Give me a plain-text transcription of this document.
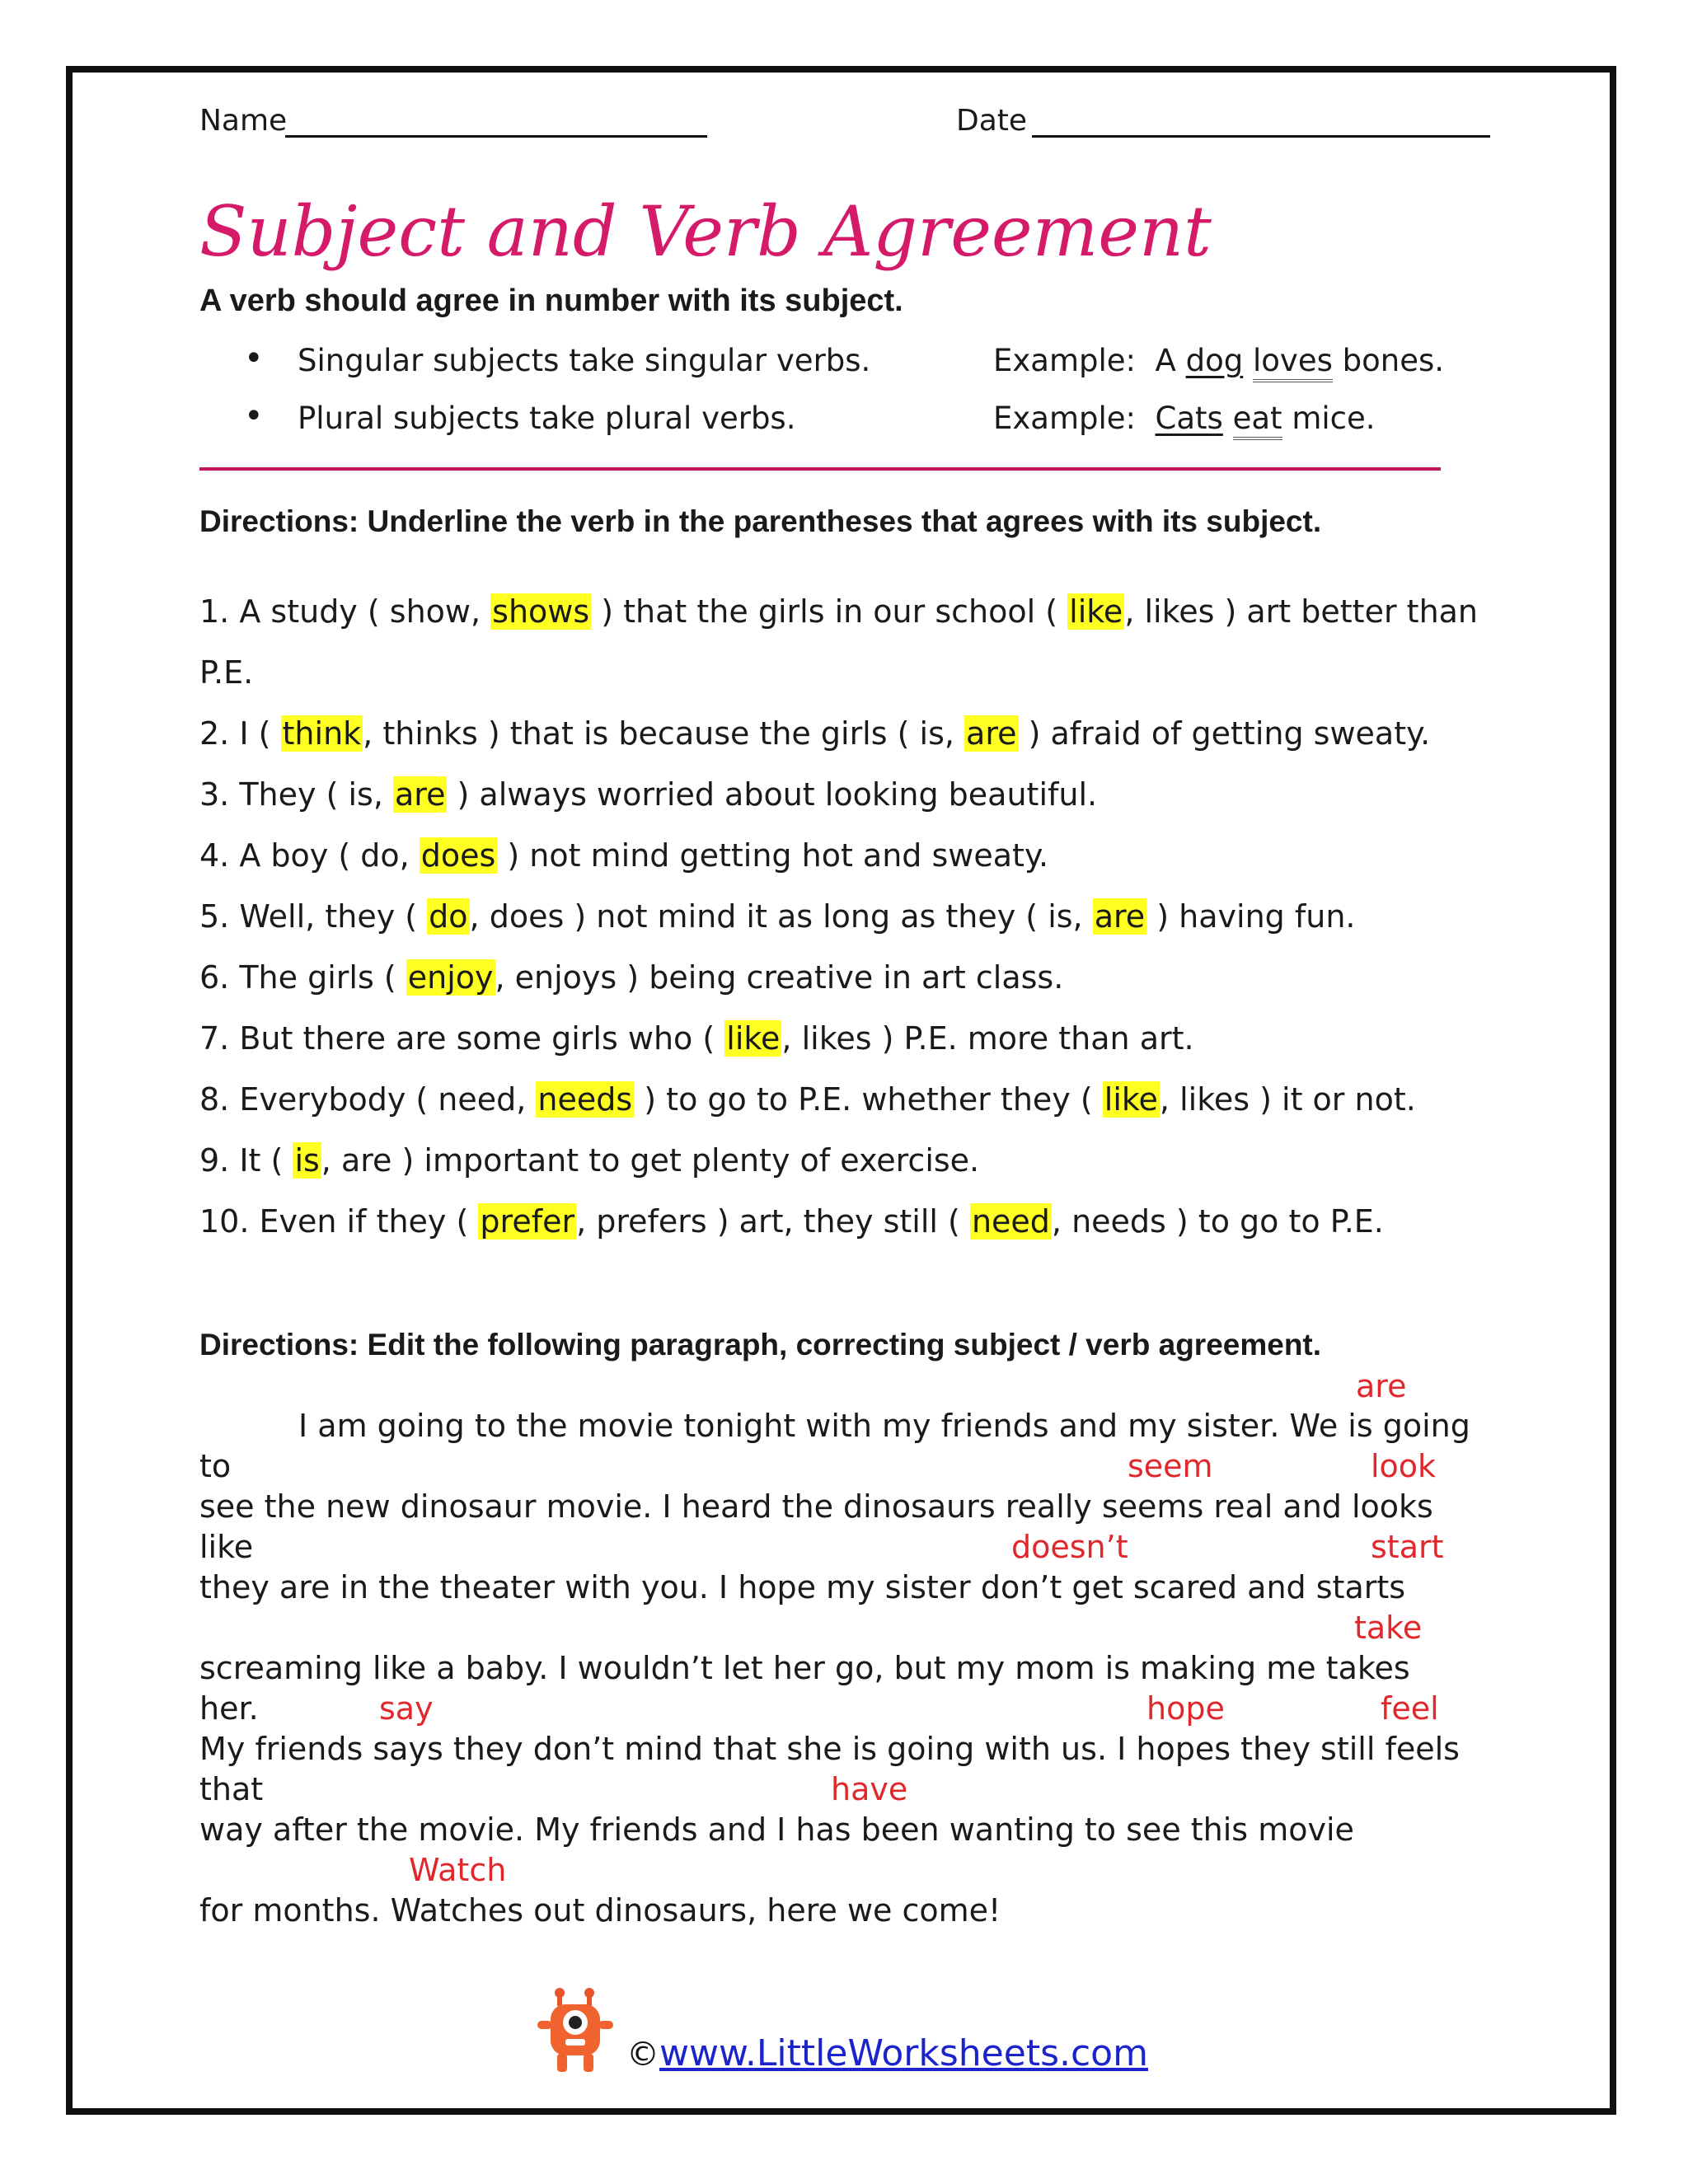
Name	Date
Subject and Verb Agreement
A verb should agree in number with its subject.
• Singular subjects take singular verbs.	Example: A dog loves bones.
• Plural subjects take plural verbs.	Example: Cats eat mice.
Directions: Underline the verb in the parentheses that agrees with its subject.
1. A study ( show, shows ) that the girls in our school ( like, likes ) art better than
P.E.
2. I ( think, thinks ) that is because the girls ( is, are ) afraid of getting sweaty.
3. They ( is, are ) always worried about looking beautiful.
4. A boy ( do, does ) not mind getting hot and sweaty.
5. Well, they ( do, does ) not mind it as long as they ( is, are ) having fun.
6. The girls ( enjoy, enjoys ) being creative in art class.
7. But there are some girls who ( like, likes ) P.E. more than art.
8. Everybody ( need, needs ) to go to P.E. whether they ( like, likes ) it or not.
9. It ( is, are ) important to get plenty of exercise.
10. Even if they ( prefer, prefers ) art, they still ( need, needs ) to go to P.E.
Directions: Edit the following paragraph, correcting subject / verb agreement.
are
I am going to the movie tonight with my friends and my sister. We is going
to	seem	look
see the new dinosaur movie. I heard the dinosaurs really seems real and looks
like	doesn’t	start
they are in the theater with you. I hope my sister don’t get scared and starts
take
screaming like a baby. I wouldn’t let her go, but my mom is making me takes
her.	say	hope	feel
My friends says they don’t mind that she is going with us. I hopes they still feels
that	have
way after the movie. My friends and I has been wanting to see this movie
Watch
for months. Watches out dinosaurs, here we come!
© www.LittleWorksheets.com
